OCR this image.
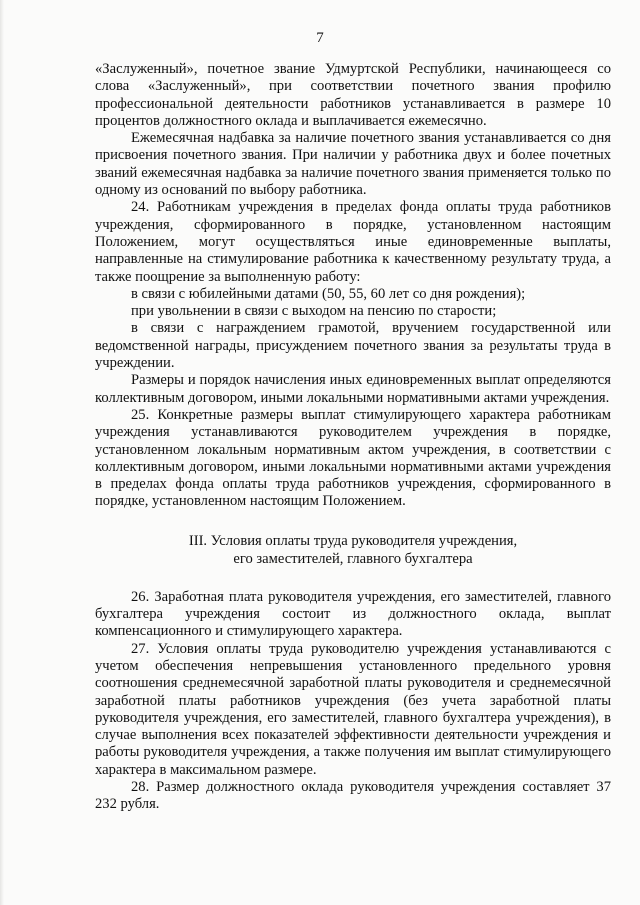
7

«Заслуженный», почетное звание Удмуртской Республики, начинающееся со слова «Заслуженный», при соответствии почетного звания профилю профессиональной деятельности работников устанавливается в размере 10 процентов должностного оклада и выплачивается ежемесячно.

Ежемесячная надбавка за наличие почетного звания устанавливается со дня присвоения почетного звания. При наличии у работника двух и более почетных званий ежемесячная надбавка за наличие почетного звания применяется только по одному из оснований по выбору работника.

24. Работникам учреждения в пределах фонда оплаты труда работников учреждения, сформированного в порядке, установленном настоящим Положением, могут осуществляться иные единовременные выплаты, направленные на стимулирование работника к качественному результату труда, а также поощрение за выполненную работу:

в связи с юбилейными датами (50, 55, 60 лет со дня рождения);

при увольнении в связи с выходом на пенсию по старости;

в связи с награждением грамотой, вручением государственной или ведомственной награды, присуждением почетного звания за результаты труда в учреждении.

Размеры и порядок начисления иных единовременных выплат определяются коллективным договором, иными локальными нормативными актами учреждения.

25. Конкретные размеры выплат стимулирующего характера работникам учреждения устанавливаются руководителем учреждения в порядке, установленном локальным нормативным актом учреждения, в соответствии с коллективным договором, иными локальными нормативными актами учреждения в пределах фонда оплаты труда работников учреждения, сформированного в порядке, установленном настоящим Положением.

III. Условия оплаты труда руководителя учреждения,
его заместителей, главного бухгалтера

26. Заработная плата руководителя учреждения, его заместителей, главного бухгалтера учреждения состоит из должностного оклада, выплат компенсационного и стимулирующего характера.

27. Условия оплаты труда руководителю учреждения устанавливаются с учетом обеспечения непревышения установленного предельного уровня соотношения среднемесячной заработной платы руководителя и среднемесячной заработной платы работников учреждения (без учета заработной платы руководителя учреждения, его заместителей, главного бухгалтера учреждения), в случае выполнения всех показателей эффективности деятельности учреждения и работы руководителя учреждения, а также получения им выплат стимулирующего характера в максимальном размере.

28. Размер должностного оклада руководителя учреждения составляет 37 232 рубля.
